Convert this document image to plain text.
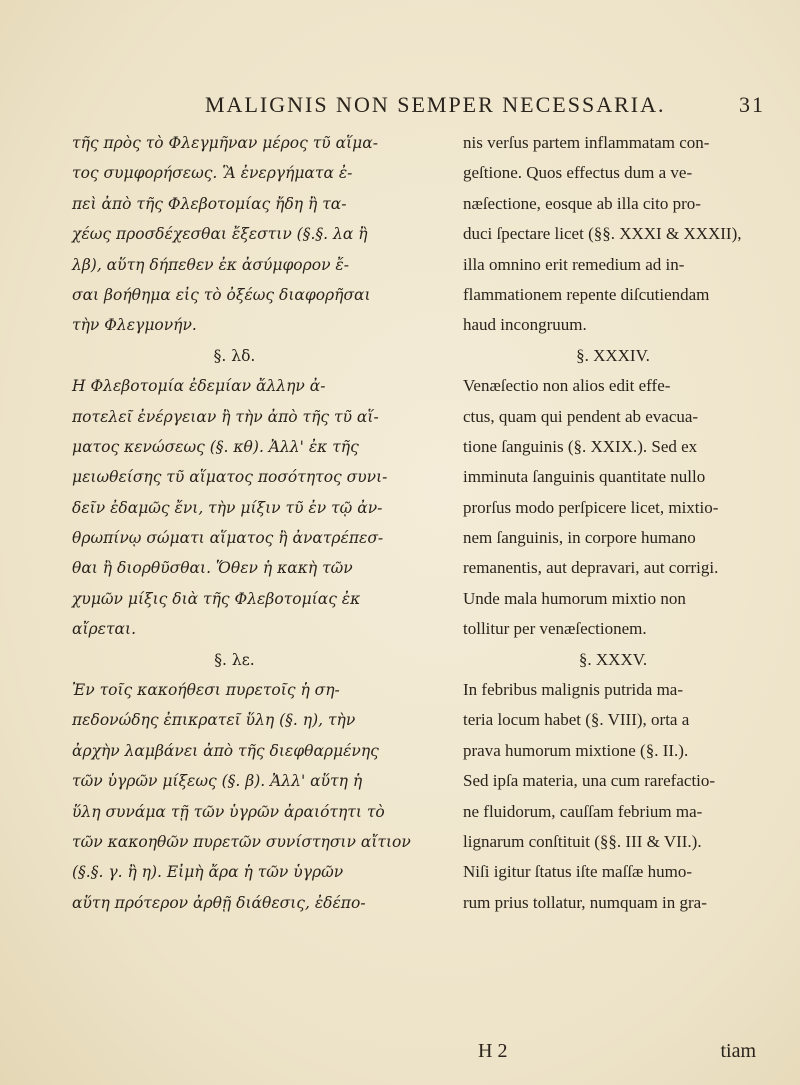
MALIGNIS NON SEMPER NECESSARIA.	31
τῆς πρὸς τὸ Φλεγμῆναν μέρος τῦ αἵμα-
τος συμφορήσεως. Ἃ ἐνεργήματα ἐ-
πεὶ ἀπὸ τῆς Φλεβοτομίας ἤδη ἢ τα-
χέως προσδέχεσθαι ἔξεστιν (§.§. λα ἢ
λβ), αὕτη δήπεθεν ἐκ ἀσύμφορον ἔ-
σαι βοήθημα εἰς τὸ ὀξέως διαφορῆσαι
τὴν Φλεγμονήν.
§. λδ.
Η Φλεβοτομία ἐδεμίαν ἄλλην ἀ-
ποτελεῖ ἐνέργειαν ἢ τὴν ἀπὸ τῆς τῦ αἵ-
ματος κενώσεως (§. κθ). Ἀλλ' ἐκ τῆς
μειωθείσης τῦ αἵματος ποσότητος συνι-
δεῖν ἐδαμῶς ἔνι, τὴν μίξιν τῦ ἐν τῷ ἀν-
θρωπίνῳ σώματι αἵματος ἢ ἀνατρέπεσ-
θαι ἢ διορθῦσθαι. Ὅθεν ἡ κακὴ τῶν
χυμῶν μίξις διὰ τῆς Φλεβοτομίας ἐκ
αἴρεται.
§. λε.
Ἐν τοῖς κακοήθεσι πυρετοῖς ἡ ση-
πεδονώδης ἐπικρατεῖ ὕλη (§. η), τὴν
ἀρχὴν λαμβάνει ἀπὸ τῆς διεφθαρμένης
τῶν ὑγρῶν μίξεως (§. β). Ἀλλ' αὕτη ἡ
ὕλη συνάμα τῇ τῶν ὑγρῶν ἀραιότητι τὸ
τῶν κακοηθῶν πυρετῶν συνίστησιν αἴτιον
(§.§. γ. ἢ η). Εἰμὴ ἄρα ἡ τῶν ὑγρῶν
αὕτη πρότερον ἀρθῇ διάθεσις, ἐδέπο-
nis verſus partem inflammatam con-
geſtione. Quos effectus dum a ve-
næſectione, eosque ab illa cito pro-
duci ſpectare licet (§§. XXXI & XXXII),
illa omnino erit remedium ad in-
flammationem repente diſcutiendam
haud incongruum.
§. XXXIV.
Venæſectio non alios edit effe-
ctus, quam qui pendent ab evacua-
tione ſanguinis (§. XXIX.). Sed ex
imminuta ſanguinis quantitate nullo
prorſus modo perſpicere licet, mixtio-
nem ſanguinis, in corpore humano
remanentis, aut depravari, aut corrigi.
Unde mala humorum mixtio non
tollitur per venæſectionem.
§. XXXV.
In febribus malignis putrida ma-
teria locum habet (§. VIII), orta a
prava humorum mixtione (§. II.).
Sed ipſa materia, una cum rarefactio-
ne fluidorum, cauſſam febrium ma-
lignarum conſtituit (§§. III & VII.).
Niſi igitur ſtatus iſte maſſæ humo-
rum prius tollatur, numquam in gra-
H 2	tiam
